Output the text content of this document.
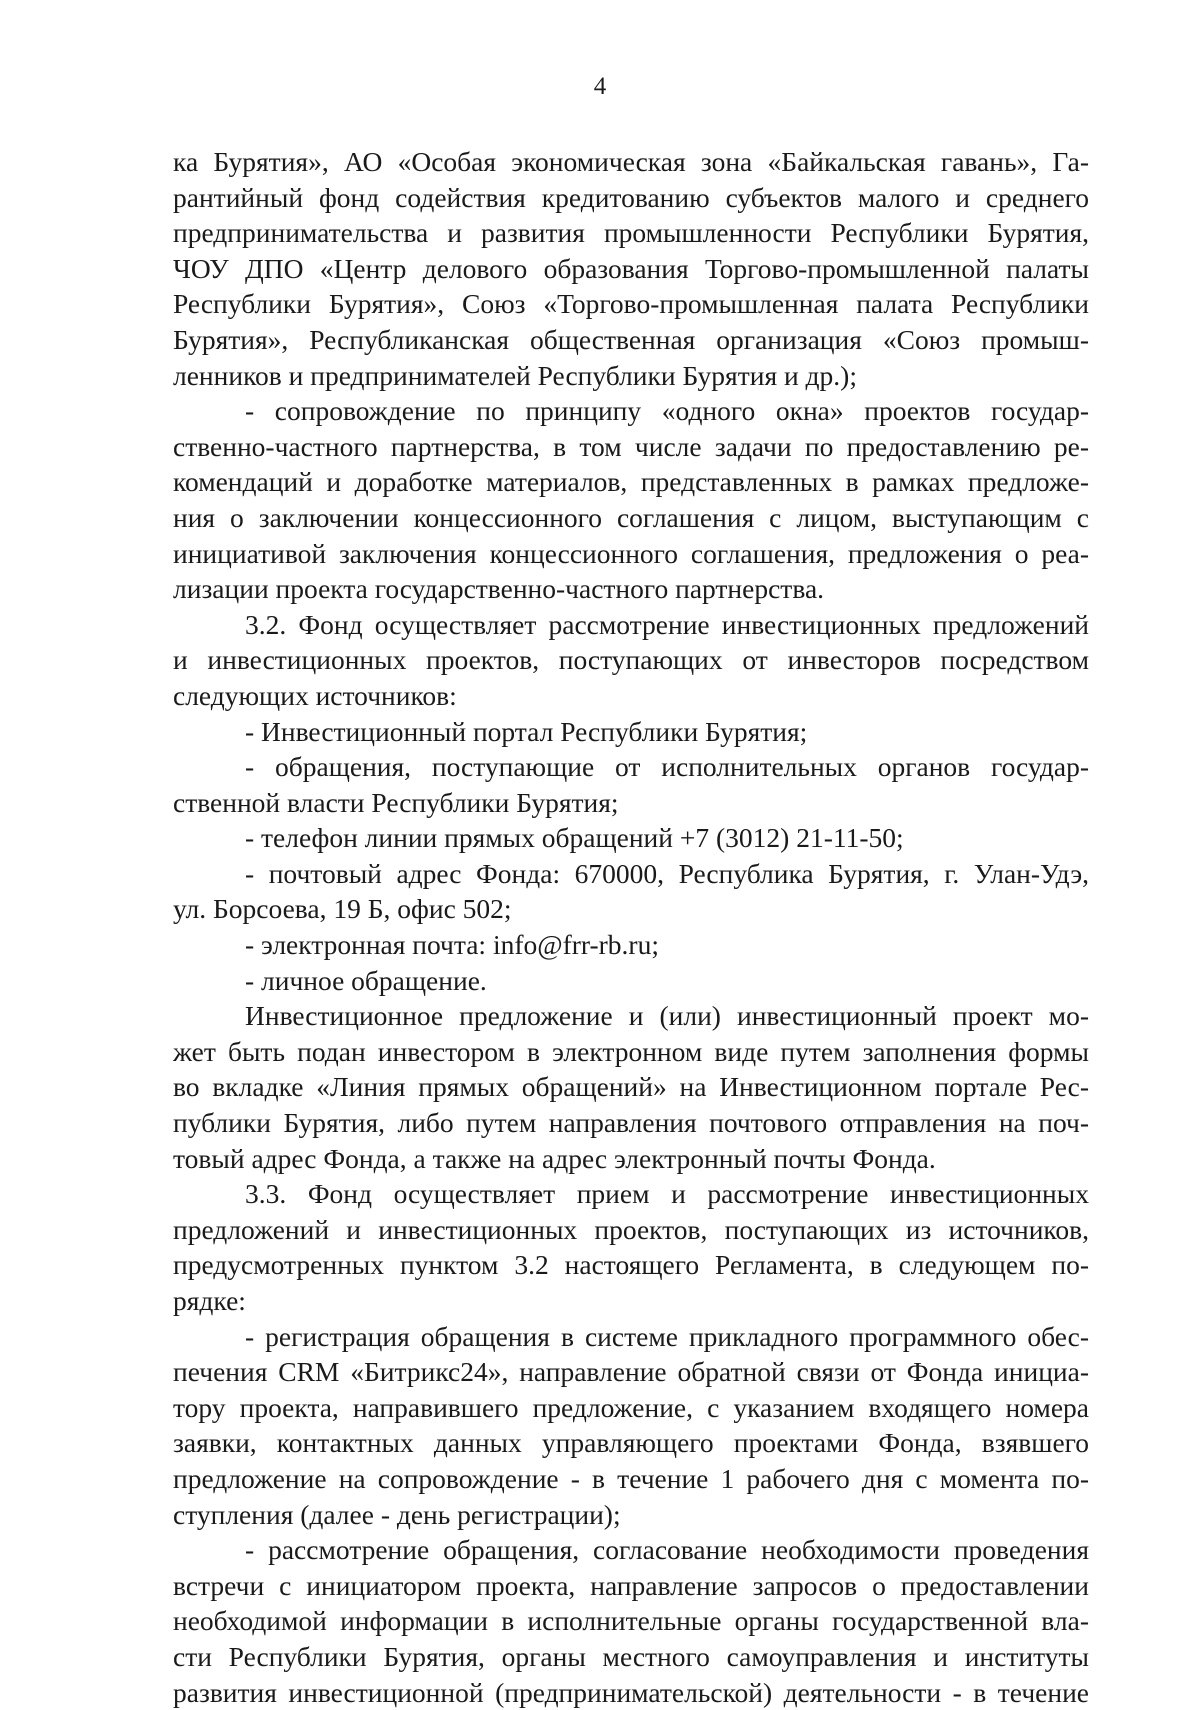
4
ка Бурятия», АО «Особая экономическая зона «Байкальская гавань», Га-
рантийный фонд содействия кредитованию субъектов малого и среднего
предпринимательства и развития промышленности Республики Бурятия,
ЧОУ ДПО «Центр делового образования Торгово-промышленной палаты
Республики Бурятия», Союз «Торгово-промышленная палата Республики
Бурятия», Республиканская общественная организация «Союз промыш-
ленников и предпринимателей Республики Бурятия и др.);
- сопровождение по принципу «одного окна» проектов государ-
ственно-частного партнерства, в том числе задачи по предоставлению ре-
комендаций и доработке материалов, представленных в рамках предложе-
ния о заключении концессионного соглашения с лицом, выступающим с
инициативой заключения концессионного соглашения, предложения о реа-
лизации проекта государственно-частного партнерства.
3.2. Фонд осуществляет рассмотрение инвестиционных предложений
и инвестиционных проектов, поступающих от инвесторов посредством
следующих источников:
- Инвестиционный портал Республики Бурятия;
- обращения, поступающие от исполнительных органов государ-
ственной власти Республики Бурятия;
- телефон линии прямых обращений +7 (3012) 21-11-50;
- почтовый адрес Фонда: 670000, Республика Бурятия, г. Улан-Удэ,
ул. Борсоева, 19 Б, офис 502;
- электронная почта: info@frr-rb.ru;
- личное обращение.
Инвестиционное предложение и (или) инвестиционный проект мо-
жет быть подан инвестором в электронном виде путем заполнения формы
во вкладке «Линия прямых обращений» на Инвестиционном портале Рес-
публики Бурятия, либо путем направления почтового отправления на поч-
товый адрес Фонда, а также на адрес электронный почты Фонда.
3.3. Фонд осуществляет прием и рассмотрение инвестиционных
предложений и инвестиционных проектов, поступающих из источников,
предусмотренных пунктом 3.2 настоящего Регламента, в следующем по-
рядке:
- регистрация обращения в системе прикладного программного обес-
печения CRM «Битрикс24», направление обратной связи от Фонда инициа-
тору проекта, направившего предложение, с указанием входящего номера
заявки, контактных данных управляющего проектами Фонда, взявшего
предложение на сопровождение - в течение 1 рабочего дня с момента по-
ступления (далее - день регистрации);
- рассмотрение обращения, согласование необходимости проведения
встречи с инициатором проекта, направление запросов о предоставлении
необходимой информации в исполнительные органы государственной вла-
сти Республики Бурятия, органы местного самоуправления и институты
развития инвестиционной (предпринимательской) деятельности - в течение
